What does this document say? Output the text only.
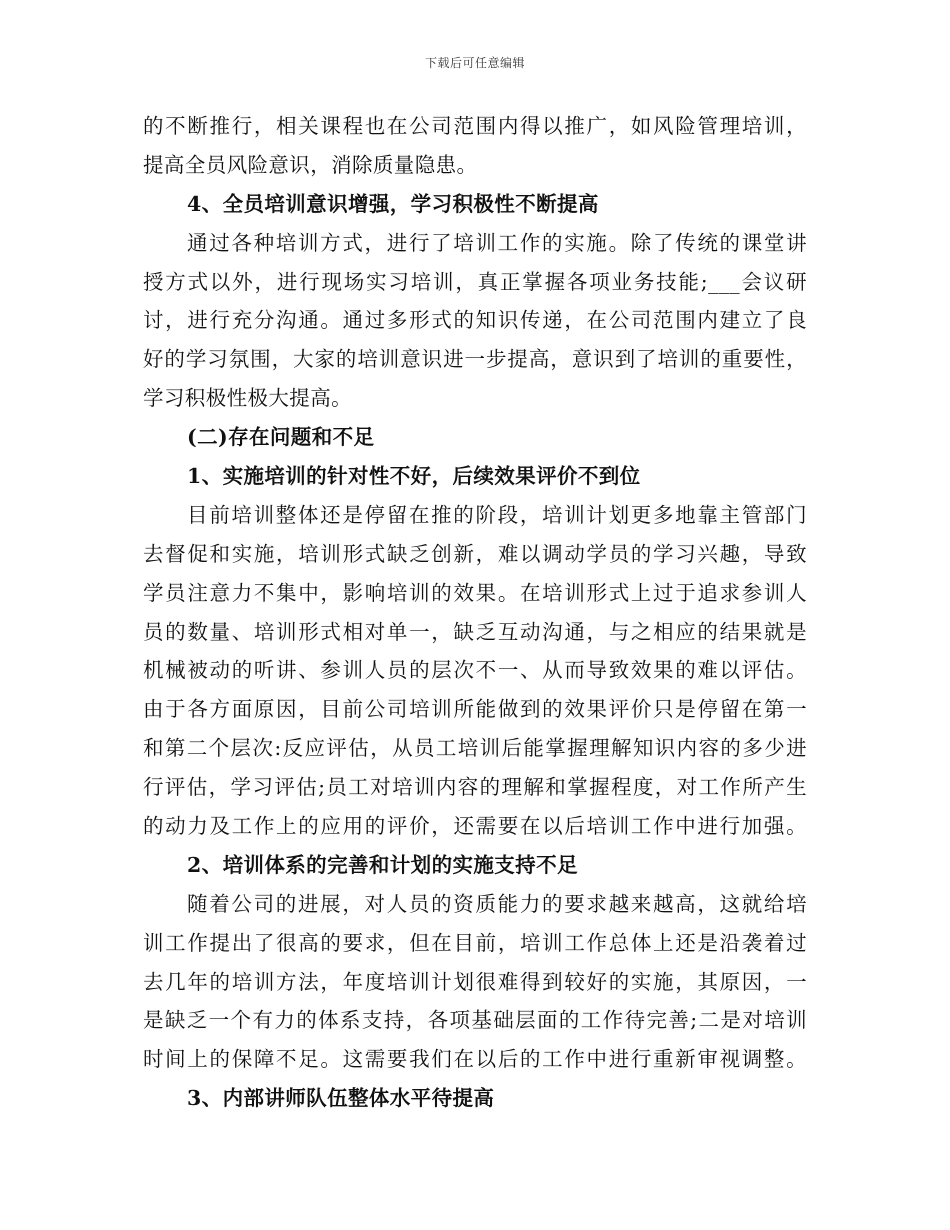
下载后可任意编辑
的不断推行，相关课程也在公司范围内得以推广，如风险管理培训，
提高全员风险意识，消除质量隐患。
4、全员培训意识增强，学习积极性不断提高
通过各种培训方式，进行了培训工作的实施。除了传统的课堂讲
授方式以外，进行现场实习培训，真正掌握各项业务技能;___会议研
讨，进行充分沟通。通过多形式的知识传递，在公司范围内建立了良
好的学习氛围，大家的培训意识进一步提高，意识到了培训的重要性，
学习积极性极大提高。
(二)存在问题和不足
1、实施培训的针对性不好，后续效果评价不到位
目前培训整体还是停留在推的阶段，培训计划更多地靠主管部门
去督促和实施，培训形式缺乏创新，难以调动学员的学习兴趣，导致
学员注意力不集中，影响培训的效果。在培训形式上过于追求参训人
员的数量、培训形式相对单一，缺乏互动沟通，与之相应的结果就是
机械被动的听讲、参训人员的层次不一、从而导致效果的难以评估。
由于各方面原因，目前公司培训所能做到的效果评价只是停留在第一
和第二个层次:反应评估，从员工培训后能掌握理解知识内容的多少进
行评估，学习评估;员工对培训内容的理解和掌握程度，对工作所产生
的动力及工作上的应用的评价，还需要在以后培训工作中进行加强。
2、培训体系的完善和计划的实施支持不足
随着公司的进展，对人员的资质能力的要求越来越高，这就给培
训工作提出了很高的要求，但在目前，培训工作总体上还是沿袭着过
去几年的培训方法，年度培训计划很难得到较好的实施，其原因，一
是缺乏一个有力的体系支持，各项基础层面的工作待完善;二是对培训
时间上的保障不足。这需要我们在以后的工作中进行重新审视调整。
3、内部讲师队伍整体水平待提高
